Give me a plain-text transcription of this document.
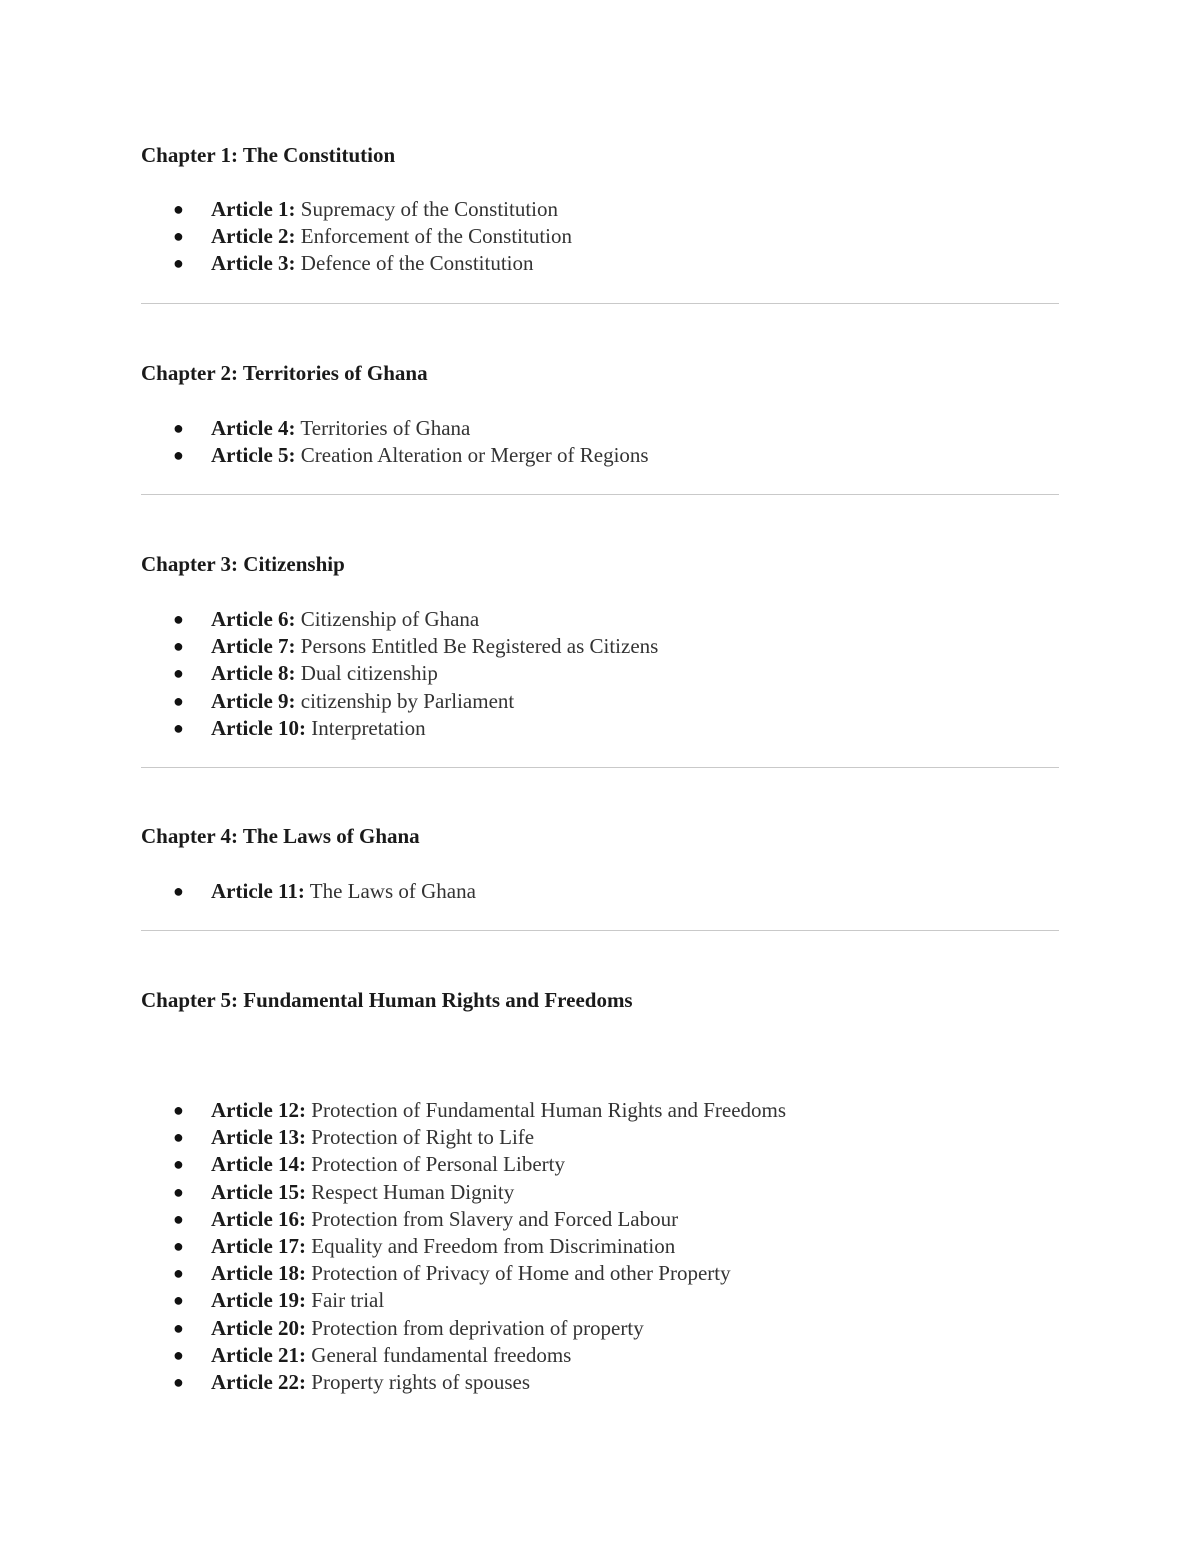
Chapter 1: The Constitution
● Article 1: Supremacy of the Constitution
● Article 2: Enforcement of the Constitution
● Article 3: Defence of the Constitution
Chapter 2: Territories of Ghana
● Article 4: Territories of Ghana
● Article 5: Creation Alteration or Merger of Regions
Chapter 3: Citizenship
● Article 6: Citizenship of Ghana
● Article 7: Persons Entitled Be Registered as Citizens
● Article 8: Dual citizenship
● Article 9: citizenship by Parliament
● Article 10: Interpretation
Chapter 4: The Laws of Ghana
● Article 11: The Laws of Ghana
Chapter 5: Fundamental Human Rights and Freedoms
● Article 12: Protection of Fundamental Human Rights and Freedoms
● Article 13: Protection of Right to Life
● Article 14: Protection of Personal Liberty
● Article 15: Respect Human Dignity
● Article 16: Protection from Slavery and Forced Labour
● Article 17: Equality and Freedom from Discrimination
● Article 18: Protection of Privacy of Home and other Property
● Article 19: Fair trial
● Article 20: Protection from deprivation of property
● Article 21: General fundamental freedoms
● Article 22: Property rights of spouses
